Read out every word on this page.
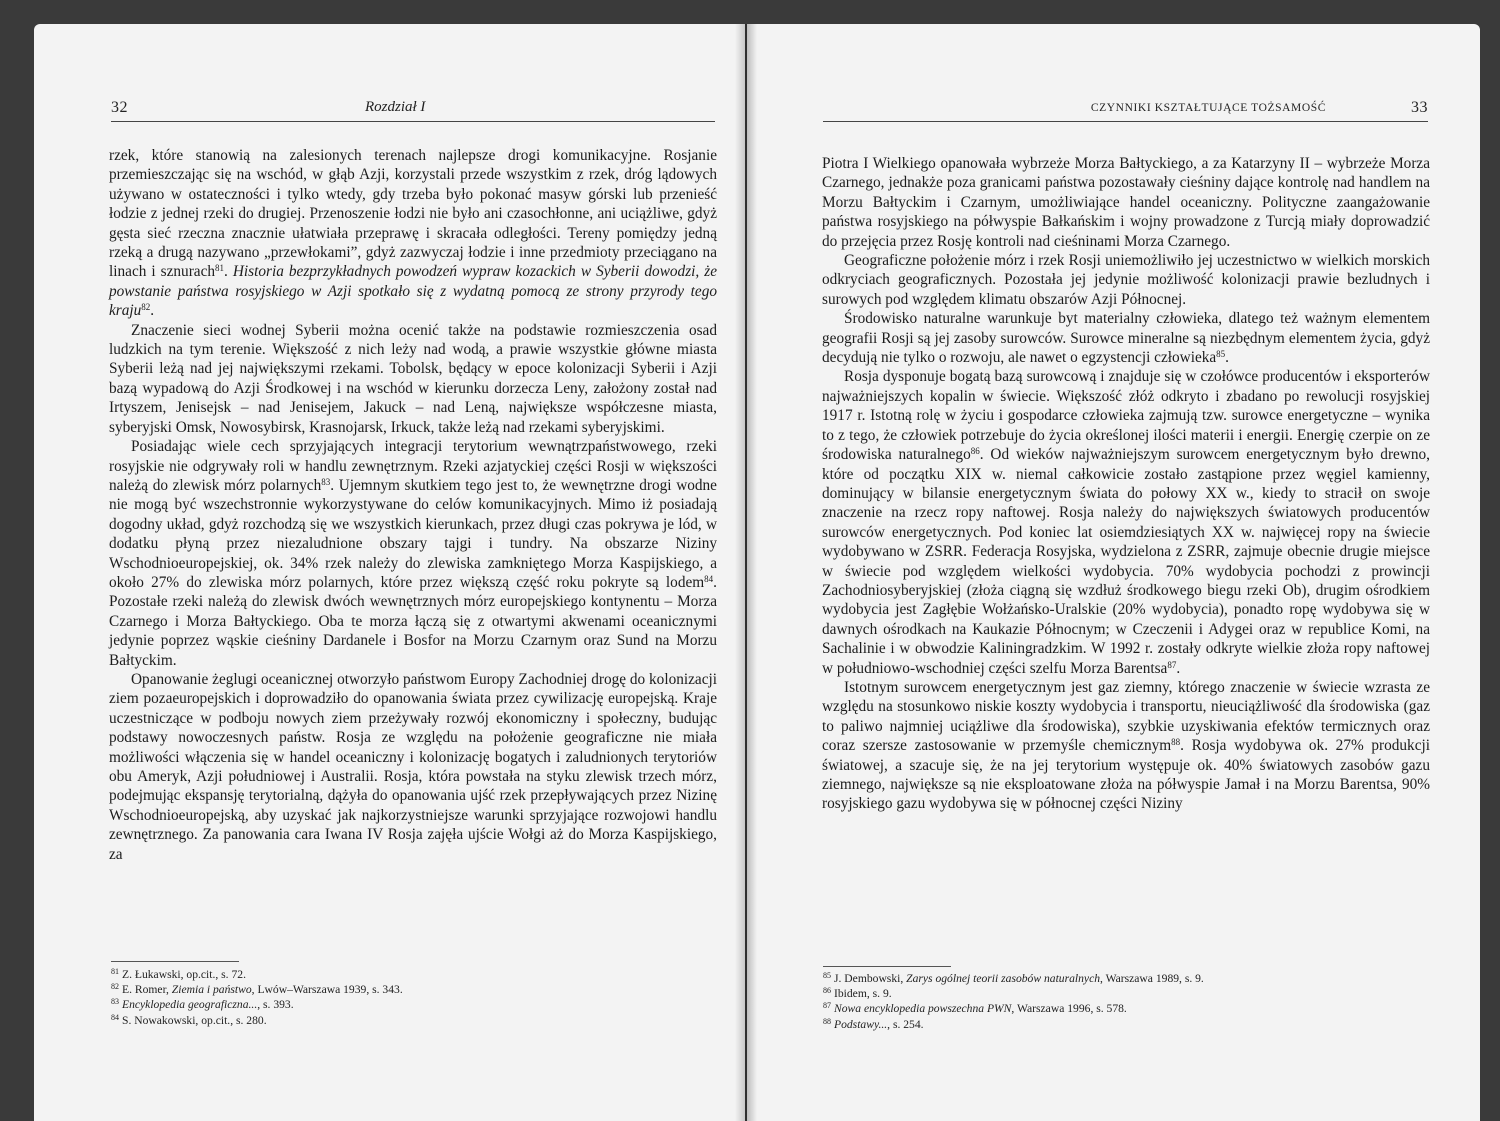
32	Rozdział I

rzek, które stanowią na zalesionych terenach najlepsze drogi komunikacyjne. Rosjanie przemieszczając się na wschód, w głąb Azji, korzystali przede wszystkim z rzek, dróg lądowych używano w ostateczności i tylko wtedy, gdy trzeba było pokonać masyw górski lub przenieść łodzie z jednej rzeki do drugiej. Przenoszenie łodzi nie było ani czasochłonne, ani uciążliwe, gdyż gęsta sieć rzeczna znacznie ułatwiała przeprawę i skracała odległości. Tereny pomiędzy jedną rzeką a drugą nazywano „przewłokami”, gdyż zazwyczaj łodzie i inne przedmioty przeciągano na linach i sznurach$^{81}$. Historia bezprzykładnych powodzeń wypraw kozackich w Syberii dowodzi, że powstanie państwa rosyjskiego w Azji spotkało się z wydatną pomocą ze strony przyrody tego kraju$^{82}$.

Znaczenie sieci wodnej Syberii można ocenić także na podstawie rozmieszczenia osad ludzkich na tym terenie. Większość z nich leży nad wodą, a prawie wszystkie główne miasta Syberii leżą nad jej największymi rzekami. Tobolsk, będący w epoce kolonizacji Syberii i Azji bazą wypadową do Azji Środkowej i na wschód w kierunku dorzecza Leny, założony został nad Irtyszem, Jenisejsk – nad Jenisejem, Jakuck – nad Leną, największe współczesne miasta, syberyjski Omsk, Nowosybirsk, Krasnojarsk, Irkuck, także leżą nad rzekami syberyjskimi.

Posiadając wiele cech sprzyjających integracji terytorium wewnątrzpaństwowego, rzeki rosyjskie nie odgrywały roli w handlu zewnętrznym. Rzeki azjatyckiej części Rosji w większości należą do zlewisk mórz polarnych$^{83}$. Ujemnym skutkiem tego jest to, że wewnętrzne drogi wodne nie mogą być wszechstronnie wykorzystywane do celów komunikacyjnych. Mimo iż posiadają dogodny układ, gdyż rozchodzą się we wszystkich kierunkach, przez długi czas pokrywa je lód, w dodatku płyną przez niezaludnione obszary tajgi i tundry. Na obszarze Niziny Wschodnioeuropejskiej, ok. 34% rzek należy do zlewiska zamkniętego Morza Kaspijskiego, a około 27% do zlewiska mórz polarnych, które przez większą część roku pokryte są lodem$^{84}$. Pozostałe rzeki należą do zlewisk dwóch wewnętrznych mórz europejskiego kontynentu – Morza Czarnego i Morza Bałtyckiego. Oba te morza łączą się z otwartymi akwenami oceanicznymi jedynie poprzez wąskie cieśniny Dardanele i Bosfor na Morzu Czarnym oraz Sund na Morzu Bałtyckim.

Opanowanie żeglugi oceanicznej otworzyło państwom Europy Zachodniej drogę do kolonizacji ziem pozaeuropejskich i doprowadziło do opanowania świata przez cywilizację europejską. Kraje uczestniczące w podboju nowych ziem przeżywały rozwój ekonomiczny i społeczny, budując podstawy nowoczesnych państw. Rosja ze względu na położenie geograficzne nie miała możliwości włączenia się w handel oceaniczny i kolonizację bogatych i zaludnionych terytoriów obu Ameryk, Azji południowej i Australii. Rosja, która powstała na styku zlewisk trzech mórz, podejmując ekspansję terytorialną, dążyła do opanowania ujść rzek przepływających przez Nizinę Wschodnioeuropejską, aby uzyskać jak najkorzystniejsze warunki sprzyjające rozwojowi handlu zewnętrznego. Za panowania cara Iwana IV Rosja zajęła ujście Wołgi aż do Morza Kaspijskiego, za

$^{81}$ Z. Łukawski, op.cit., s. 72.
$^{82}$ E. Romer, Ziemia i państwo, Lwów–Warszawa 1939, s. 343.
$^{83}$ Encyklopedia geograficzna..., s. 393.
$^{84}$ S. Nowakowski, op.cit., s. 280.
CZYNNIKI KSZTAŁTUJĄCE TOŻSAMOŚĆ	33

Piotra I Wielkiego opanowała wybrzeże Morza Bałtyckiego, a za Katarzyny II – wybrzeże Morza Czarnego, jednakże poza granicami państwa pozostawały cieśniny dające kontrolę nad handlem na Morzu Bałtyckim i Czarnym, umożliwiające handel oceaniczny. Polityczne zaangażowanie państwa rosyjskiego na półwyspie Bałkańskim i wojny prowadzone z Turcją miały doprowadzić do przejęcia przez Rosję kontroli nad cieśninami Morza Czarnego.

Geograficzne położenie mórz i rzek Rosji uniemożliwiło jej uczestnictwo w wielkich morskich odkryciach geograficznych. Pozostała jej jedynie możliwość kolonizacji prawie bezludnych i surowych pod względem klimatu obszarów Azji Północnej.

Środowisko naturalne warunkuje byt materialny człowieka, dlatego też ważnym elementem geografii Rosji są jej zasoby surowców. Surowce mineralne są niezbędnym elementem życia, gdyż decydują nie tylko o rozwoju, ale nawet o egzystencji człowieka$^{85}$.

Rosja dysponuje bogatą bazą surowcową i znajduje się w czołówce producentów i eksporterów najważniejszych kopalin w świecie. Większość złóż odkryto i zbadano po rewolucji rosyjskiej 1917 r. Istotną rolę w życiu i gospodarce człowieka zajmują tzw. surowce energetyczne – wynika to z tego, że człowiek potrzebuje do życia określonej ilości materii i energii. Energię czerpie on ze środowiska naturalnego$^{86}$. Od wieków najważniejszym surowcem energetycznym było drewno, które od początku XIX w. niemal całkowicie zostało zastąpione przez węgiel kamienny, dominujący w bilansie energetycznym świata do połowy XX w., kiedy to stracił on swoje znaczenie na rzecz ropy naftowej. Rosja należy do największych światowych producentów surowców energetycznych. Pod koniec lat osiemdziesiątych XX w. najwięcej ropy na świecie wydobywano w ZSRR. Federacja Rosyjska, wydzielona z ZSRR, zajmuje obecnie drugie miejsce w świecie pod względem wielkości wydobycia. 70% wydobycia pochodzi z prowincji Zachodniosyberyjskiej (złoża ciągną się wzdłuż środkowego biegu rzeki Ob), drugim ośrodkiem wydobycia jest Zagłębie Wołżańsko-Uralskie (20% wydobycia), ponadto ropę wydobywa się w dawnych ośrodkach na Kaukazie Północnym; w Czeczenii i Adygei oraz w republice Komi, na Sachalinie i w obwodzie Kaliningradzkim. W 1992 r. zostały odkryte wielkie złoża ropy naftowej w południowo-wschodniej części szelfu Morza Barentsa$^{87}$.

Istotnym surowcem energetycznym jest gaz ziemny, którego znaczenie w świecie wzrasta ze względu na stosunkowo niskie koszty wydobycia i transportu, nieuciążliwość dla środowiska (gaz to paliwo najmniej uciążliwe dla środowiska), szybkie uzyskiwania efektów termicznych oraz coraz szersze zastosowanie w przemyśle chemicznym$^{88}$. Rosja wydobywa ok. 27% produkcji światowej, a szacuje się, że na jej terytorium występuje ok. 40% światowych zasobów gazu ziemnego, największe są nie eksploatowane złoża na półwyspie Jamał i na Morzu Barentsa, 90% rosyjskiego gazu wydobywa się w północnej części Niziny

$^{85}$ J. Dembowski, Zarys ogólnej teorii zasobów naturalnych, Warszawa 1989, s. 9.
$^{86}$ Ibidem, s. 9.
$^{87}$ Nowa encyklopedia powszechna PWN, Warszawa 1996, s. 578.
$^{88}$ Podstawy..., s. 254.
